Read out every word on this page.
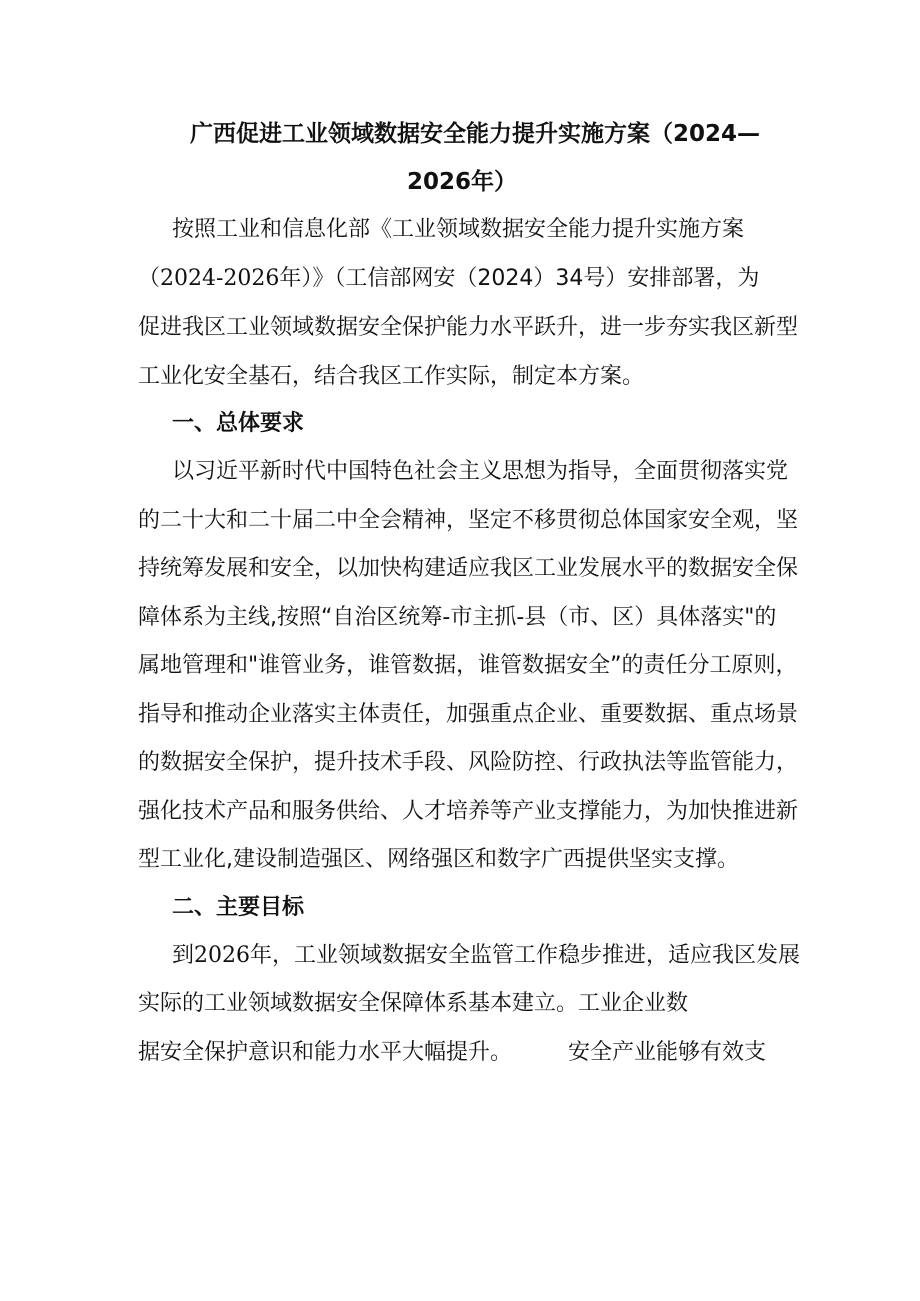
广西促进工业领域数据安全能力提升实施方案（2024—
2026年）
按照工业和信息化部《工业领域数据安全能力提升实施方案
（2024-2026年）》（工信部网安（2024）34号）安排部署，为
促进我区工业领域数据安全保护能力水平跃升，进一步夯实我区新型
工业化安全基石，结合我区工作实际，制定本方案。
一、总体要求
以习近平新时代中国特色社会主义思想为指导，全面贯彻落实党
的二十大和二十届二中全会精神，坚定不移贯彻总体国家安全观，坚
持统筹发展和安全，以加快构建适应我区工业发展水平的数据安全保
障体系为主线,按照“自治区统筹-市主抓-县（市、区）具体落实"的
属地管理和"谁管业务，谁管数据，谁管数据安全”的责任分工原则，
指导和推动企业落实主体责任，加强重点企业、重要数据、重点场景
的数据安全保护，提升技术手段、风险防控、行政执法等监管能力，
强化技术产品和服务供给、人才培养等产业支撑能力，为加快推进新
型工业化,建设制造强区、网络强区和数字广西提供坚实支撑。
二、主要目标
到2026年，工业领域数据安全监管工作稳步推进，适应我区发展
实际的工业领域数据安全保障体系基本建立。工业企业数
据安全保护意识和能力水平大幅提升。	安全产业能够有效支
